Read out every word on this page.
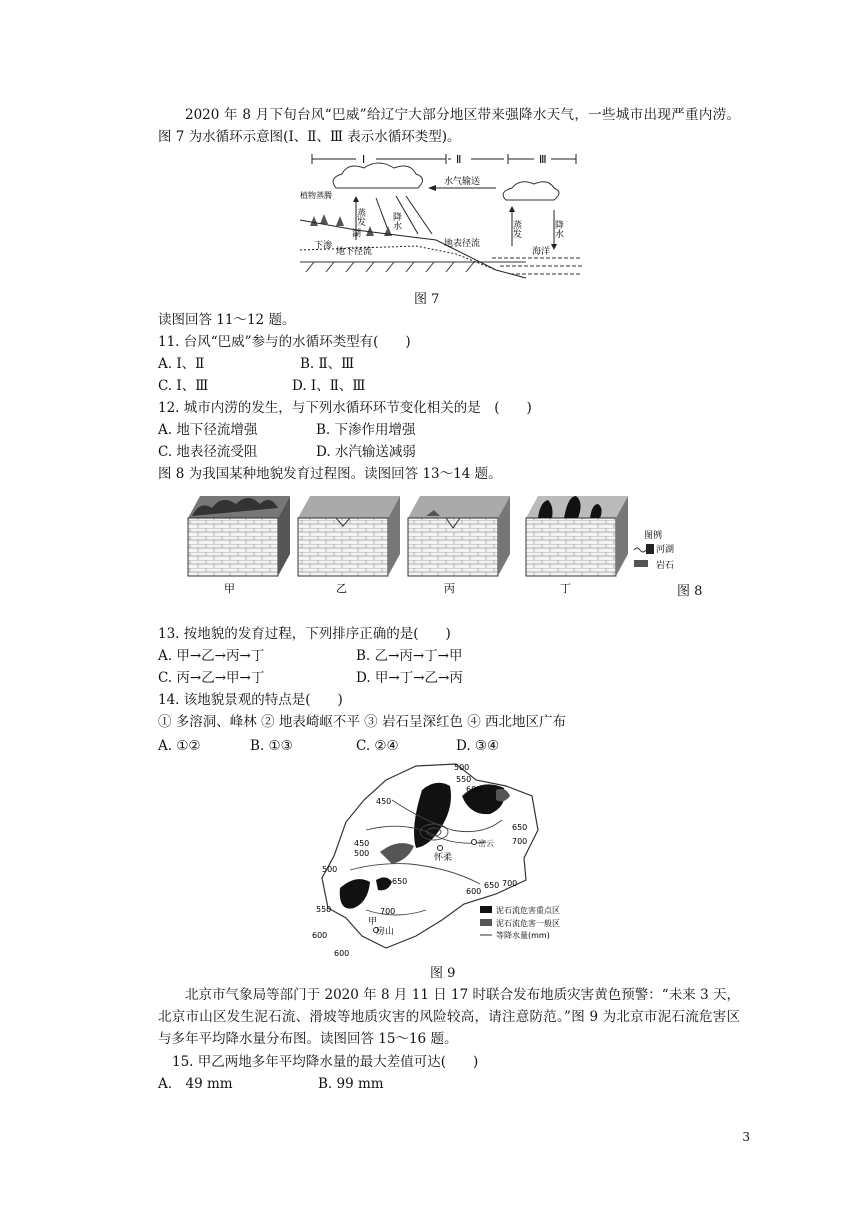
2020 年 8 月下旬台风“巴威”给辽宁大部分地区带来强降水天气，一些城市出现严重内涝。图 7 为水循环示意图(Ⅰ、Ⅱ、Ⅲ 表示水循环类型)。
Ⅰ	Ⅱ	Ⅲ
水气输送
降水
蒸发
植物蒸腾
湖
下渗
地下径流
地表径流
海洋
蒸发	降水
图 7
读图回答 11～12 题。
11. 台风“巴威”参与的水循环类型有(　　)
A. Ⅰ、Ⅱ	B. Ⅱ、Ⅲ
C. Ⅰ、Ⅲ	D. Ⅰ、Ⅱ、Ⅲ
12. 城市内涝的发生，与下列水循环环节变化相关的是　(　　)
A. 地下径流增强	B. 下渗作用增强
C. 地表径流受阻	D. 水汽输送减弱
图 8 为我国某种地貌发育过程图。读图回答 13～14 题。
甲	乙	丙	丁
图例
河湖
岩石
图 8
13. 按地貌的发育过程，下列排序正确的是(　　)
A. 甲→乙→丙→丁	B. 乙→丙→丁→甲
C. 丙→乙→甲→丁	D. 甲→丁→乙→丙
14. 该地貌景观的特点是(　　)
① 多溶洞、峰林 ② 地表崎岖不平 ③ 岩石呈深红色 ④ 西北地区广布
A. ①②	B. ①③	C. ②④	D. ③④
500
550
600
450
650
700
450
500
500
650	700
650
600
550	700
600
600
密云
怀柔
甲
房山
泥石流危害重点区
泥石流危害一般区
等降水量(mm)
图 9
北京市气象局等部门于 2020 年 8 月 11 日 17 时联合发布地质灾害黄色预警：“未来 3 天，北京市山区发生泥石流、滑坡等地质灾害的风险较高，请注意防范。”图 9 为北京市泥石流危害区与多年平均降水量分布图。读图回答 15～16 题。
15. 甲乙两地多年平均降水量的最大差值可达(　　)
A.　49 mm	B. 99 mm
3
